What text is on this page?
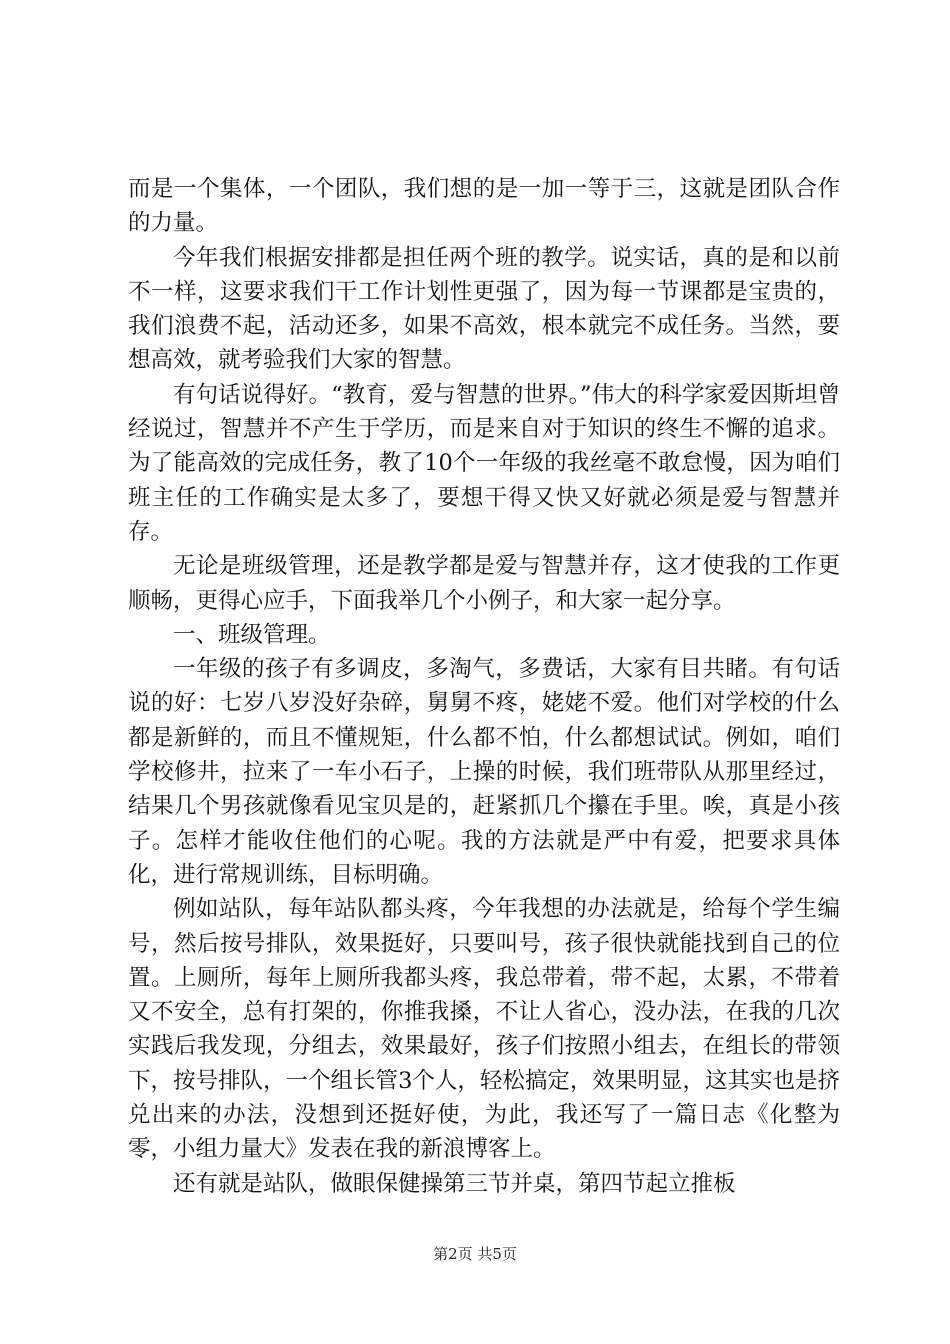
而是一个集体，一个团队，我们想的是一加一等于三，这就是团队合作的力量。

今年我们根据安排都是担任两个班的教学。说实话，真的是和以前不一样，这要求我们干工作计划性更强了，因为每一节课都是宝贵的，我们浪费不起，活动还多，如果不高效，根本就完不成任务。当然，要想高效，就考验我们大家的智慧。

有句话说得好。“教育，爱与智慧的世界。”伟大的科学家爱因斯坦曾经说过，智慧并不产生于学历，而是来自对于知识的终生不懈的追求。为了能高效的完成任务，教了10个一年级的我丝毫不敢怠慢，因为咱们班主任的工作确实是太多了，要想干得又快又好就必须是爱与智慧并存。

无论是班级管理，还是教学都是爱与智慧并存，这才使我的工作更顺畅，更得心应手，下面我举几个小例子，和大家一起分享。

一、班级管理。

一年级的孩子有多调皮，多淘气，多费话，大家有目共睹。有句话说的好：七岁八岁没好杂碎，舅舅不疼，姥姥不爱。他们对学校的什么都是新鲜的，而且不懂规矩，什么都不怕，什么都想试试。例如，咱们学校修井，拉来了一车小石子，上操的时候，我们班带队从那里经过，结果几个男孩就像看见宝贝是的，赶紧抓几个攥在手里。唉，真是小孩子。怎样才能收住他们的心呢。我的方法就是严中有爱，把要求具体化，进行常规训练，目标明确。

例如站队，每年站队都头疼，今年我想的办法就是，给每个学生编号，然后按号排队，效果挺好，只要叫号，孩子很快就能找到自己的位置。上厕所，每年上厕所我都头疼，我总带着，带不起，太累，不带着又不安全，总有打架的，你推我搡，不让人省心，没办法，在我的几次实践后我发现，分组去，效果最好，孩子们按照小组去，在组长的带领下，按号排队，一个组长管3个人，轻松搞定，效果明显，这其实也是挤兑出来的办法，没想到还挺好使，为此，我还写了一篇日志《化整为零，小组力量大》发表在我的新浪博客上。

还有就是站队，做眼保健操第三节并桌，第四节起立推板

第2页 共5页
